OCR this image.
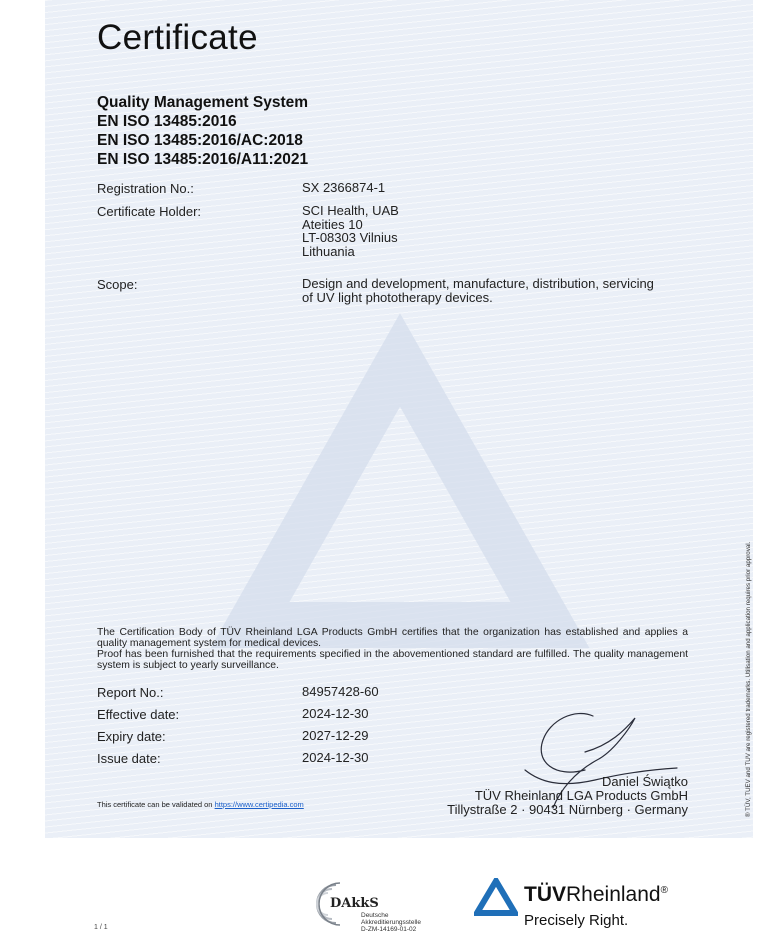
Certificate
Quality Management System
EN ISO 13485:2016
EN ISO 13485:2016/AC:2018
EN ISO 13485:2016/A11:2021
Registration No.:	SX 2366874-1
Certificate Holder:	SCI Health, UAB
Ateities 10
LT-08303 Vilnius
Lithuania
Scope:	Design and development, manufacture, distribution, servicing
of UV light phototherapy devices.

The Certification Body of TÜV Rheinland LGA Products GmbH certifies that the organization has established and applies a quality management system for medical devices.

Proof has been furnished that the requirements specified in the abovementioned standard are fulfilled. The quality management system is subject to yearly surveillance.

Report No.:	84957428-60
Effective date:	2024-12-30
Expiry date:	2027-12-29
Issue date:	2024-12-30
This certificate can be validated on https://www.certipedia.com
Daniel Świątko
TÜV Rheinland LGA Products GmbH
Tillystraße 2 · 90431 Nürnberg · Germany	® TÜV, TUEV and TUV are registered trademarks. Utilisation and application requires prior approval.
DAkkS
Deutsche
Akkreditierungsstelle
D-ZM-14169-01-02
TÜVRheinland®
Precisely Right.
1 / 1
